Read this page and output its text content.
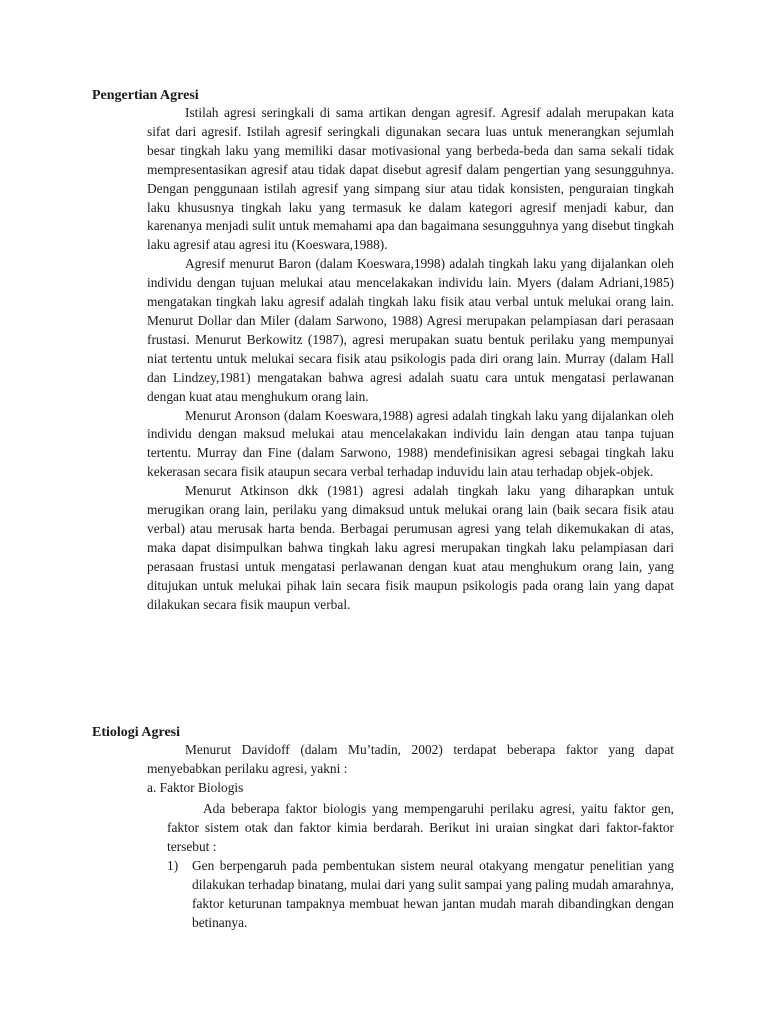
Pengertian Agresi

Istilah agresi seringkali di sama artikan dengan agresif. Agresif adalah merupakan kata sifat dari agresif. Istilah agresif seringkali digunakan secara luas untuk menerangkan sejumlah besar tingkah laku yang memiliki dasar motivasional yang berbeda-beda dan sama sekali tidak mempresentasikan agresif atau tidak dapat disebut agresif dalam pengertian yang sesungguhnya. Dengan penggunaan istilah agresif yang simpang siur atau tidak konsisten, penguraian tingkah laku khususnya tingkah laku yang termasuk ke dalam kategori agresif menjadi kabur, dan karenanya menjadi sulit untuk memahami apa dan bagaimana sesungguhnya yang disebut tingkah laku agresif atau agresi itu (Koeswara,1988).

Agresif menurut Baron (dalam Koeswara,1998) adalah tingkah laku yang dijalankan oleh individu dengan tujuan melukai atau mencelakakan individu lain. Myers (dalam Adriani,1985) mengatakan tingkah laku agresif adalah tingkah laku fisik atau verbal untuk melukai orang lain. Menurut Dollar dan Miler (dalam Sarwono, 1988) Agresi merupakan pelampiasan dari perasaan frustasi. Menurut Berkowitz (1987), agresi merupakan suatu bentuk perilaku yang mempunyai niat tertentu untuk melukai secara fisik atau psikologis pada diri orang lain. Murray (dalam Hall dan Lindzey,1981) mengatakan bahwa agresi adalah suatu cara untuk mengatasi perlawanan dengan kuat atau menghukum orang lain.

Menurut Aronson (dalam Koeswara,1988) agresi adalah tingkah laku yang dijalankan oleh individu dengan maksud melukai atau mencelakakan individu lain dengan atau tanpa tujuan tertentu. Murray dan Fine (dalam Sarwono, 1988) mendefinisikan agresi sebagai tingkah laku kekerasan secara fisik ataupun secara verbal terhadap induvidu lain atau terhadap objek-objek.

Menurut Atkinson dkk (1981) agresi adalah tingkah laku yang diharapkan untuk merugikan orang lain, perilaku yang dimaksud untuk melukai orang lain (baik secara fisik atau verbal) atau merusak harta benda. Berbagai perumusan agresi yang telah dikemukakan di atas, maka dapat disimpulkan bahwa tingkah laku agresi merupakan tingkah laku pelampiasan dari perasaan frustasi untuk mengatasi perlawanan dengan kuat atau menghukum orang lain, yang ditujukan untuk melukai pihak lain secara fisik maupun psikologis pada orang lain yang dapat dilakukan secara fisik maupun verbal.

Etiologi Agresi

Menurut Davidoff (dalam Mu’tadin, 2002) terdapat beberapa faktor yang dapat menyebabkan perilaku agresi, yakni :

a. Faktor Biologis

Ada beberapa faktor biologis yang mempengaruhi perilaku agresi, yaitu faktor gen, faktor sistem otak dan faktor kimia berdarah. Berikut ini uraian singkat dari faktor-faktor tersebut :

1) Gen berpengaruh pada pembentukan sistem neural otakyang mengatur penelitian yang dilakukan terhadap binatang, mulai dari yang sulit sampai yang paling mudah amarahnya, faktor keturunan tampaknya membuat hewan jantan mudah marah dibandingkan dengan betinanya.
